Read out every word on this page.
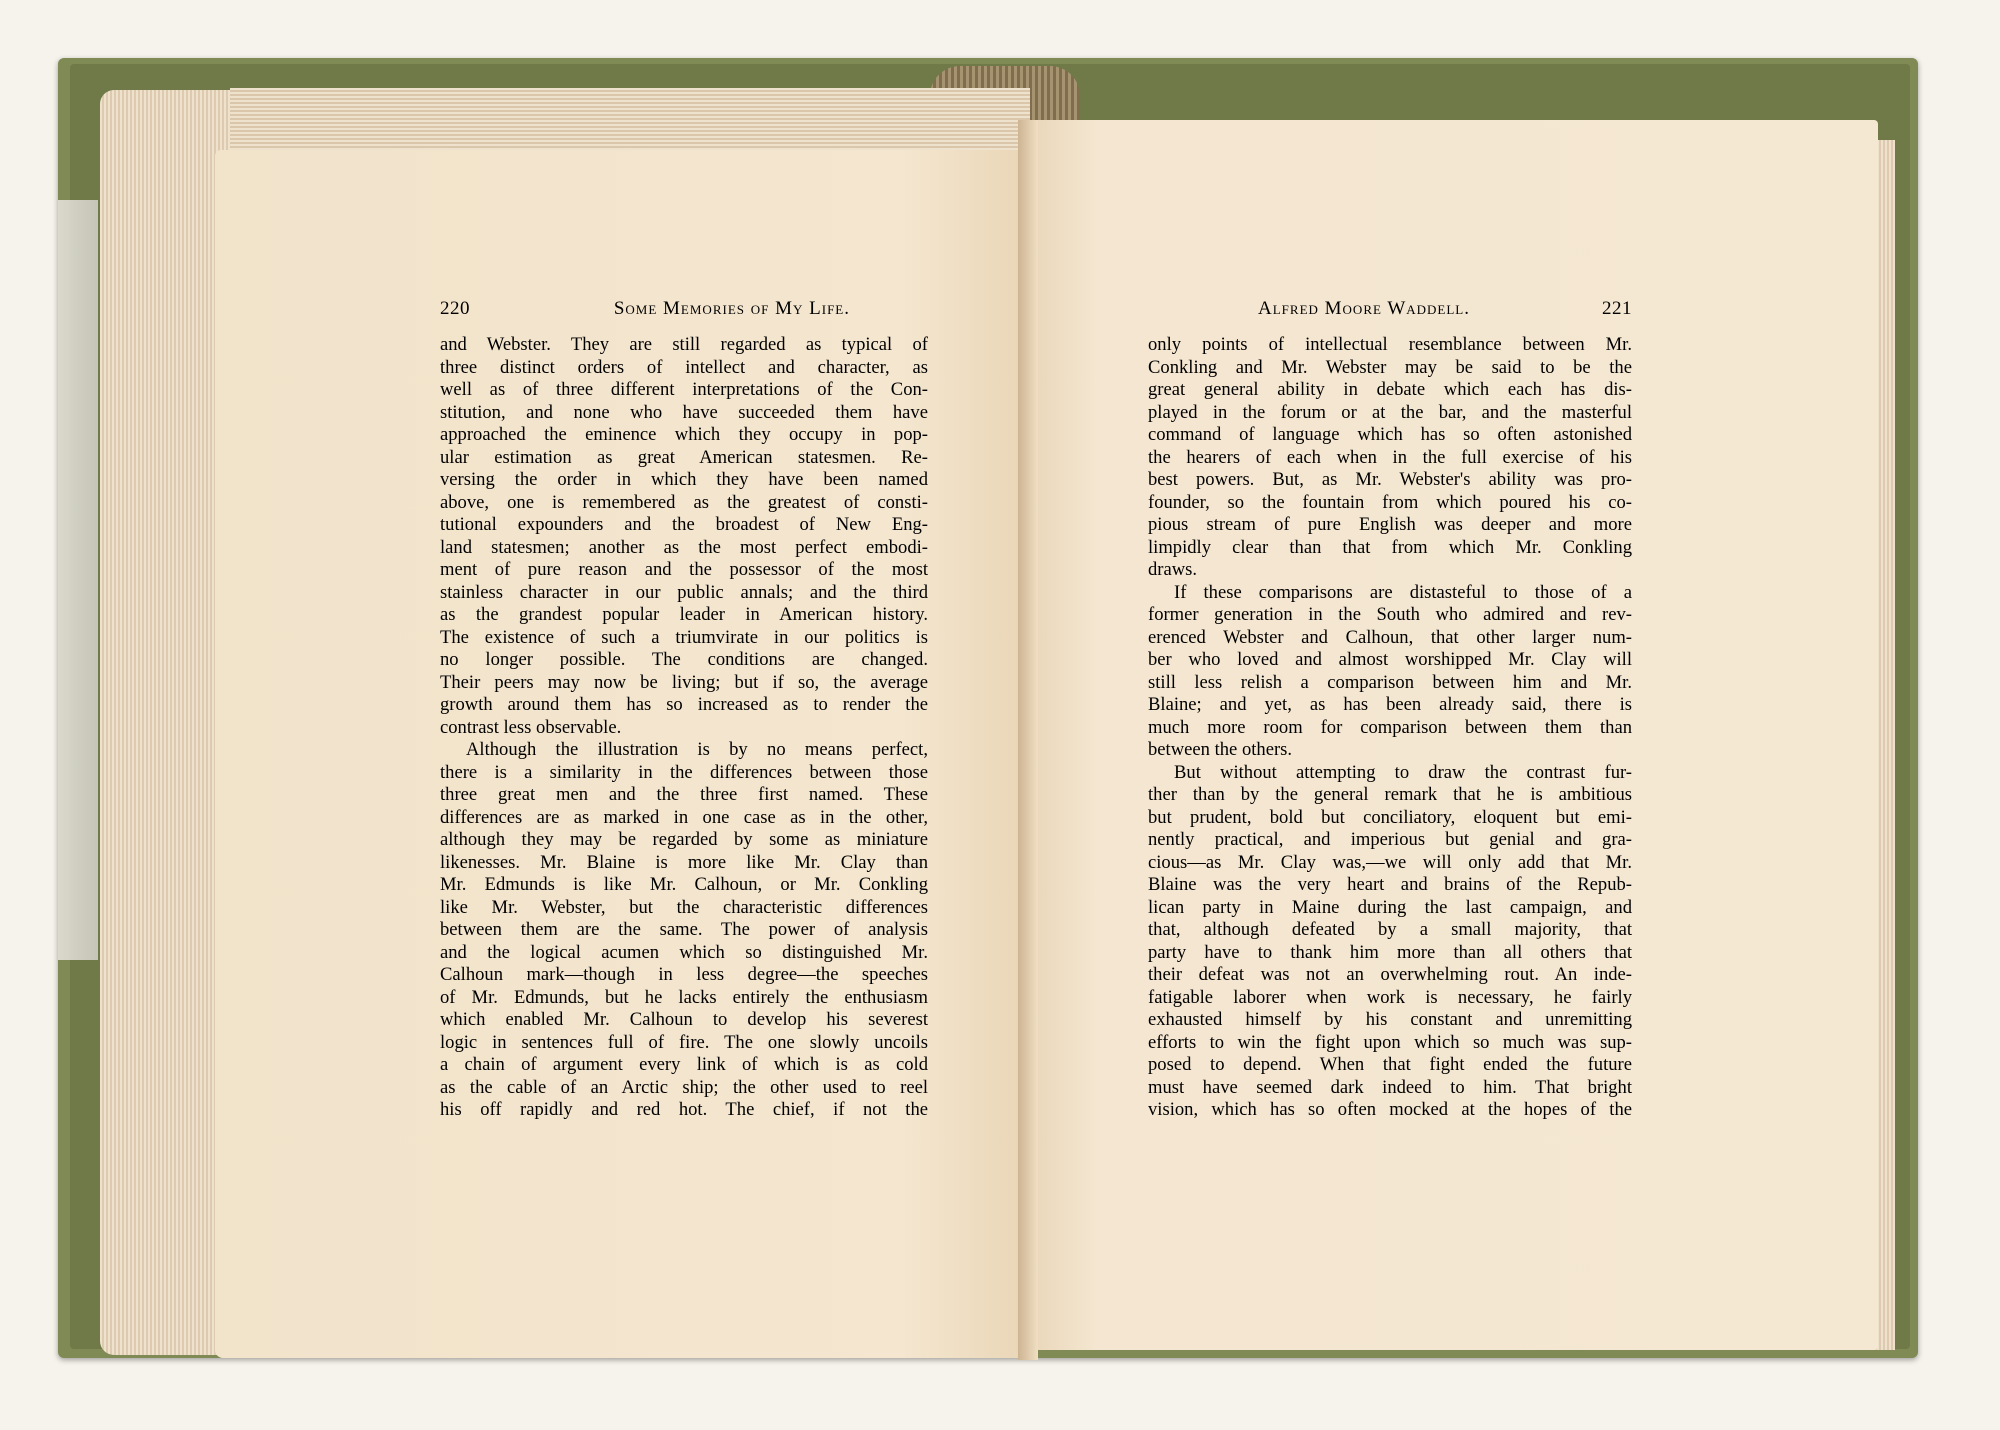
220	Some Memories of My Life.
and Webster. They are still regarded as typical of
three distinct orders of intellect and character, as
well as of three different interpretations of the Con-
stitution, and none who have succeeded them have
approached the eminence which they occupy in pop-
ular estimation as great American statesmen. Re-
versing the order in which they have been named
above, one is remembered as the greatest of consti-
tutional expounders and the broadest of New Eng-
land statesmen; another as the most perfect embodi-
ment of pure reason and the possessor of the most
stainless character in our public annals; and the third
as the grandest popular leader in American history.
The existence of such a triumvirate in our politics is
no longer possible. The conditions are changed.
Their peers may now be living; but if so, the average
growth around them has so increased as to render the
contrast less observable.
Although the illustration is by no means perfect,
there is a similarity in the differences between those
three great men and the three first named. These
differences are as marked in one case as in the other,
although they may be regarded by some as miniature
likenesses. Mr. Blaine is more like Mr. Clay than
Mr. Edmunds is like Mr. Calhoun, or Mr. Conkling
like Mr. Webster, but the characteristic differences
between them are the same. The power of analysis
and the logical acumen which so distinguished Mr.
Calhoun mark—though in less degree—the speeches
of Mr. Edmunds, but he lacks entirely the enthusiasm
which enabled Mr. Calhoun to develop his severest
logic in sentences full of fire. The one slowly uncoils
a chain of argument every link of which is as cold
as the cable of an Arctic ship; the other used to reel
his off rapidly and red hot. The chief, if not the
Alfred Moore Waddell.	221
only points of intellectual resemblance between Mr.
Conkling and Mr. Webster may be said to be the
great general ability in debate which each has dis-
played in the forum or at the bar, and the masterful
command of language which has so often astonished
the hearers of each when in the full exercise of his
best powers. But, as Mr. Webster's ability was pro-
founder, so the fountain from which poured his co-
pious stream of pure English was deeper and more
limpidly clear than that from which Mr. Conkling
draws.
If these comparisons are distasteful to those of a
former generation in the South who admired and rev-
erenced Webster and Calhoun, that other larger num-
ber who loved and almost worshipped Mr. Clay will
still less relish a comparison between him and Mr.
Blaine; and yet, as has been already said, there is
much more room for comparison between them than
between the others.
But without attempting to draw the contrast fur-
ther than by the general remark that he is ambitious
but prudent, bold but conciliatory, eloquent but emi-
nently practical, and imperious but genial and gra-
cious—as Mr. Clay was,—we will only add that Mr.
Blaine was the very heart and brains of the Repub-
lican party in Maine during the last campaign, and
that, although defeated by a small majority, that
party have to thank him more than all others that
their defeat was not an overwhelming rout. An inde-
fatigable laborer when work is necessary, he fairly
exhausted himself by his constant and unremitting
efforts to win the fight upon which so much was sup-
posed to depend. When that fight ended the future
must have seemed dark indeed to him. That bright
vision, which has so often mocked at the hopes of the
